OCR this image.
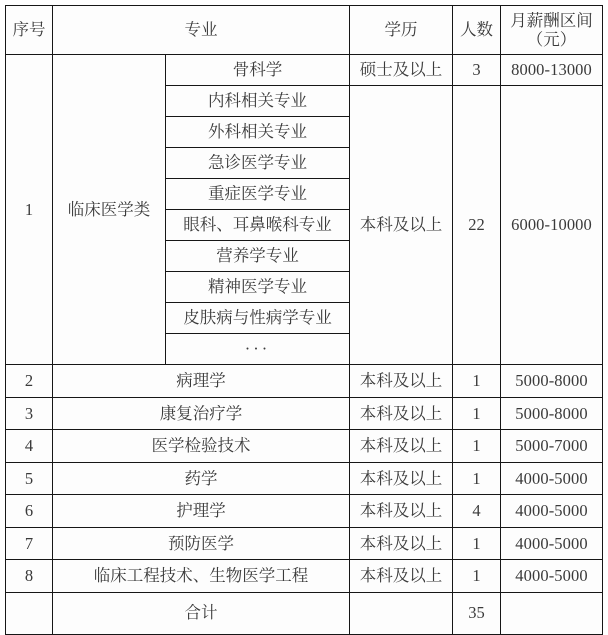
序号	专业		学历	人数	月薪酬区间
（元）
1	临床医学类	骨科学	硕士及以上	3	8000-13000
		内科相关专业	本科及以上	22	6000-10000
		外科相关专业			
		急诊医学专业			
		重症医学专业			
		眼科、耳鼻喉科专业			
		营养学专业			
		精神医学专业			
		皮肤病与性病学专业			
		···			
2	病理学		本科及以上	1	5000-8000
3	康复治疗学		本科及以上	1	5000-8000
4	医学检验技术		本科及以上	1	5000-7000
5	药学		本科及以上	1	4000-5000
6	护理学		本科及以上	4	4000-5000
7	预防医学		本科及以上	1	4000-5000
8	临床工程技术、生物医学工程		本科及以上	1	4000-5000
	合计			35	
